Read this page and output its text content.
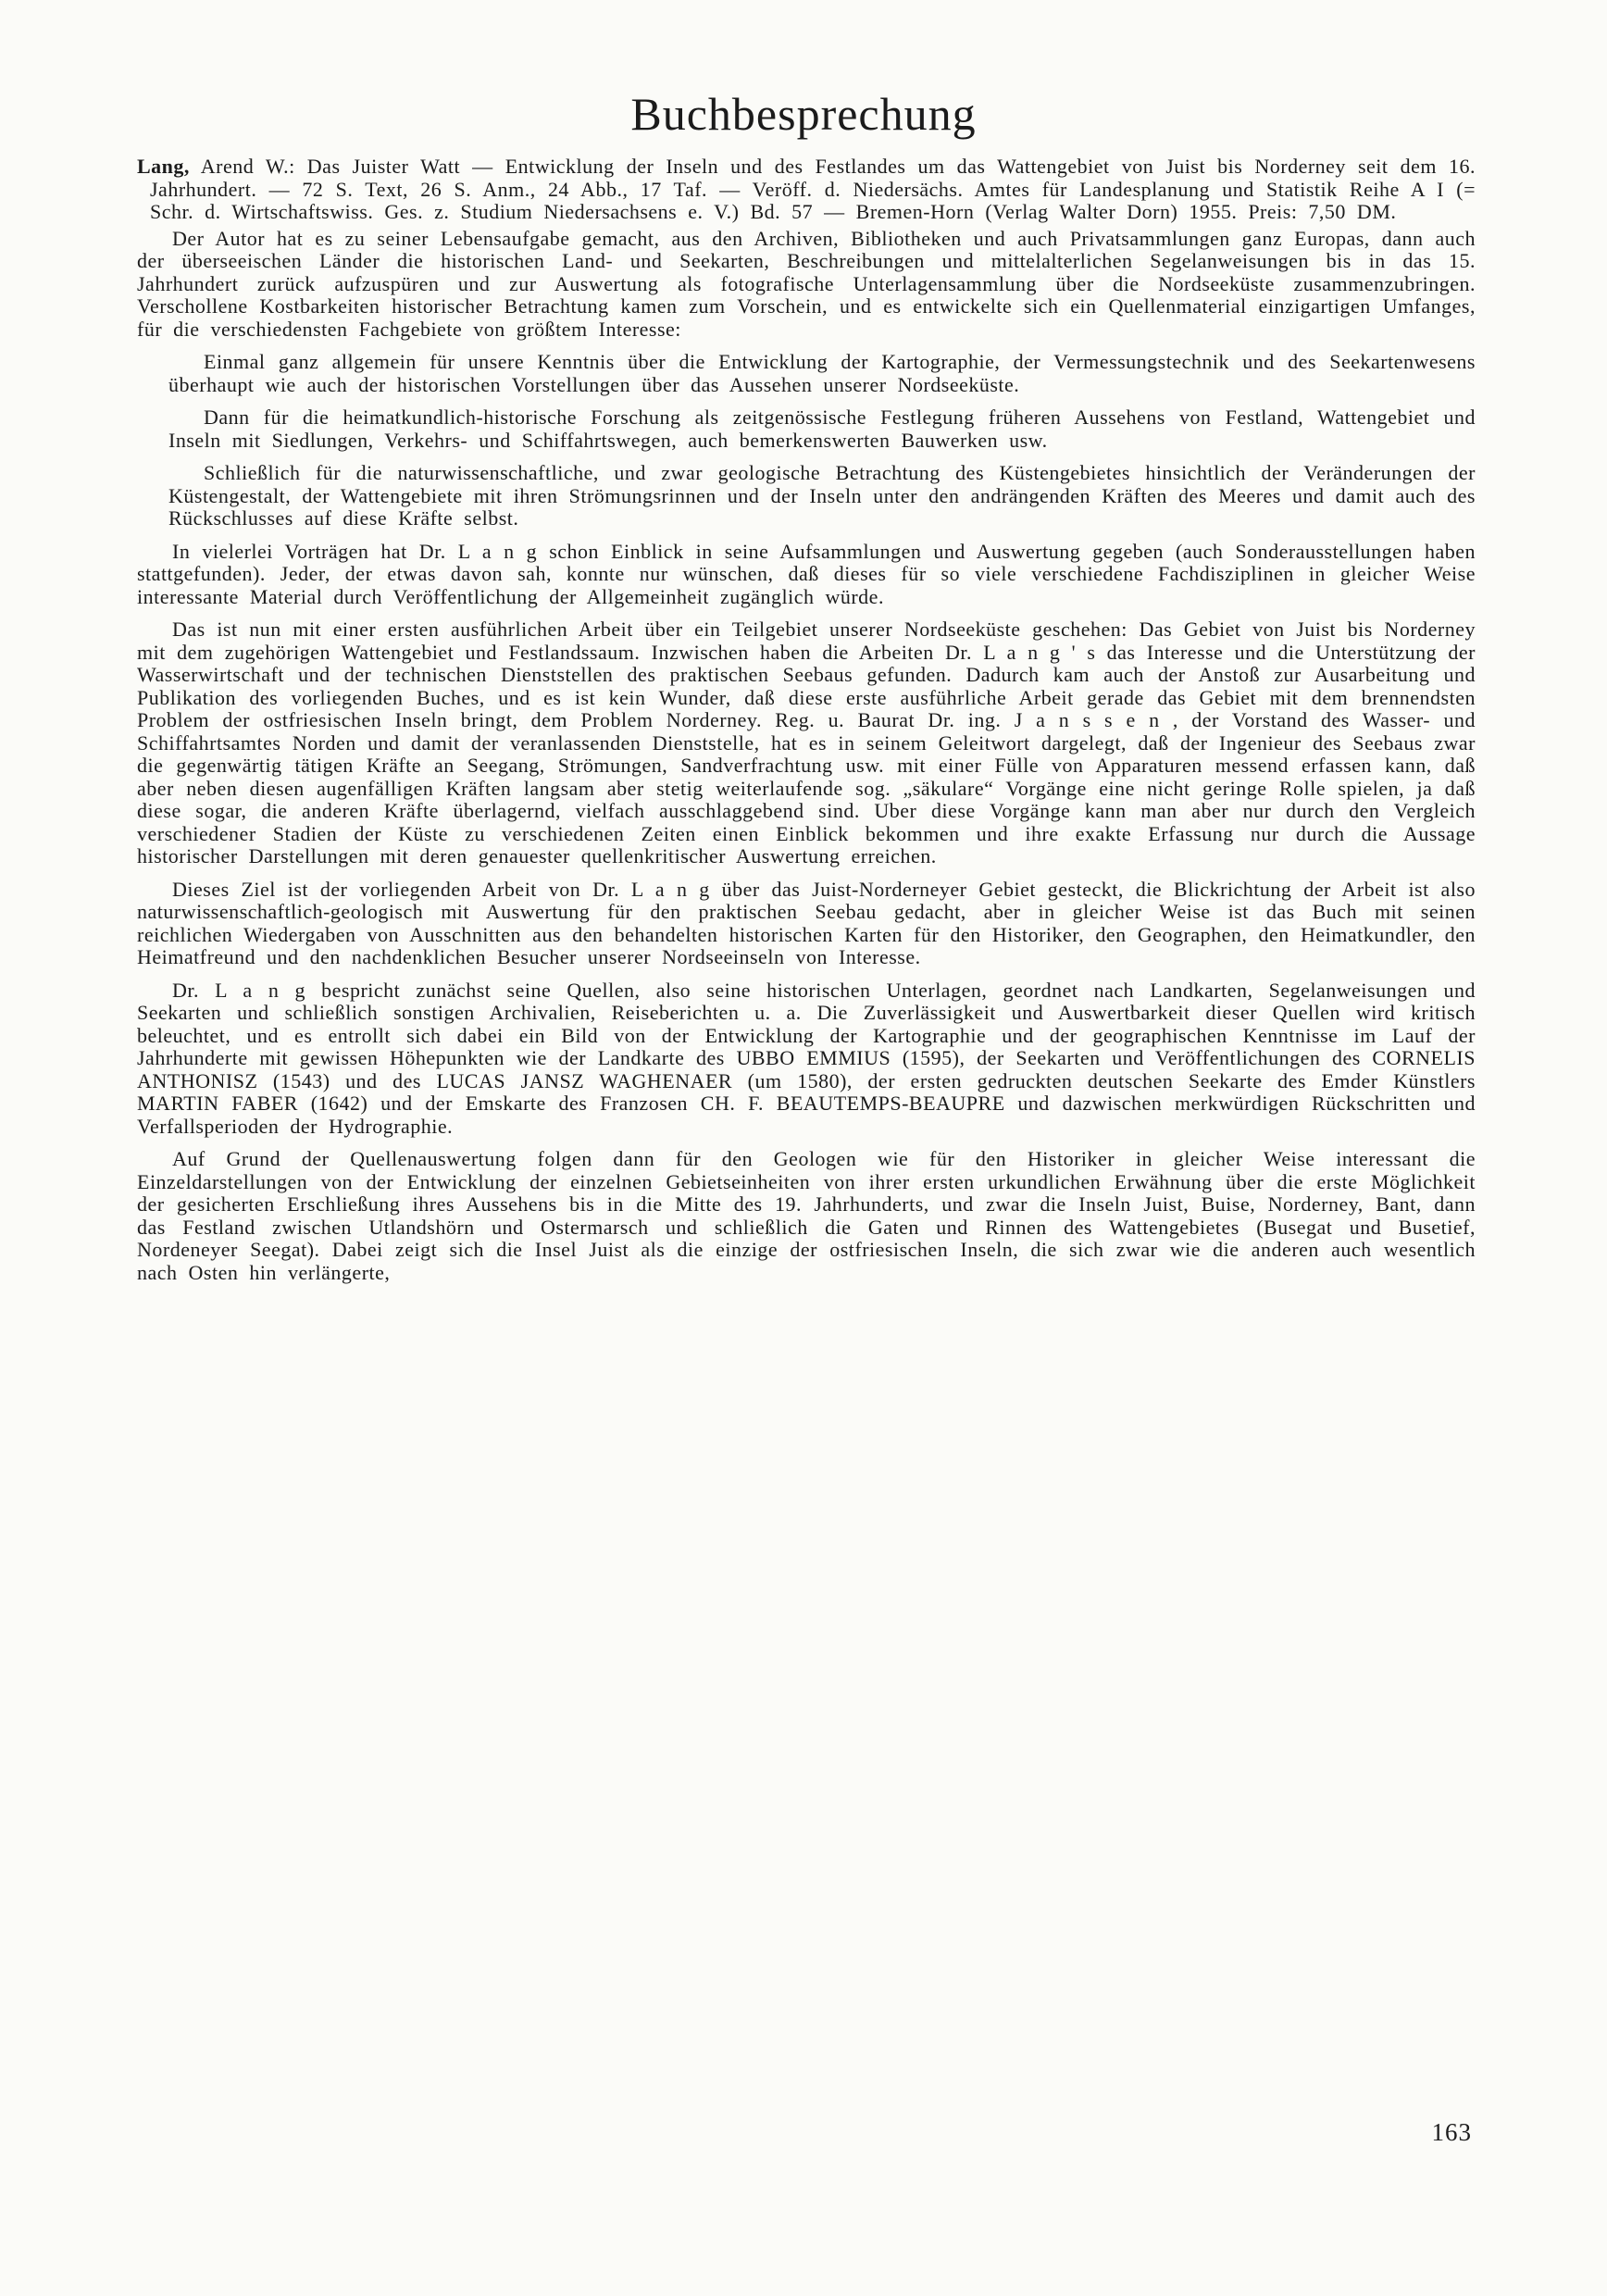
Buchbesprechung

Lang, Arend W.: Das Juister Watt — Entwicklung der Inseln und des Festlandes um das Wattengebiet von Juist bis Norderney seit dem 16. Jahrhundert. — 72 S. Text, 26 S. Anm., 24 Abb., 17 Taf. — Veröff. d. Niedersächs. Amtes für Landesplanung und Statistik Reihe A I (= Schr. d. Wirtschaftswiss. Ges. z. Studium Niedersachsens e. V.) Bd. 57 — Bremen-Horn (Verlag Walter Dorn) 1955. Preis: 7,50 DM.

Der Autor hat es zu seiner Lebensaufgabe gemacht, aus den Archiven, Bibliotheken und auch Privatsammlungen ganz Europas, dann auch der überseeischen Länder die historischen Land- und Seekarten, Beschreibungen und mittelalterlichen Segelanweisungen bis in das 15. Jahrhundert zurück aufzuspüren und zur Auswertung als fotografische Unterlagensammlung über die Nordseeküste zusammenzubringen. Verschollene Kostbarkeiten historischer Betrachtung kamen zum Vorschein, und es entwickelte sich ein Quellenmaterial einzigartigen Umfanges, für die verschiedensten Fachgebiete von größtem Interesse:

Einmal ganz allgemein für unsere Kenntnis über die Entwicklung der Kartographie, der Vermessungstechnik und des Seekartenwesens überhaupt wie auch der historischen Vorstellungen über das Aussehen unserer Nordseeküste.

Dann für die heimatkundlich-historische Forschung als zeitgenössische Festlegung früheren Aussehens von Festland, Wattengebiet und Inseln mit Siedlungen, Verkehrs- und Schiffahrtswegen, auch bemerkenswerten Bauwerken usw.

Schließlich für die naturwissenschaftliche, und zwar geologische Betrachtung des Küstengebietes hinsichtlich der Veränderungen der Küstengestalt, der Wattengebiete mit ihren Strömungsrinnen und der Inseln unter den andrängenden Kräften des Meeres und damit auch des Rückschlusses auf diese Kräfte selbst.

In vielerlei Vorträgen hat Dr. L a n g schon Einblick in seine Aufsammlungen und Auswertung gegeben (auch Sonderausstellungen haben stattgefunden). Jeder, der etwas davon sah, konnte nur wünschen, daß dieses für so viele verschiedene Fachdisziplinen in gleicher Weise interessante Material durch Veröffentlichung der Allgemeinheit zugänglich würde.

Das ist nun mit einer ersten ausführlichen Arbeit über ein Teilgebiet unserer Nordseeküste geschehen: Das Gebiet von Juist bis Norderney mit dem zugehörigen Wattengebiet und Festlandssaum. Inzwischen haben die Arbeiten Dr. L a n g ' s das Interesse und die Unterstützung der Wasserwirtschaft und der technischen Dienststellen des praktischen Seebaus gefunden. Dadurch kam auch der Anstoß zur Ausarbeitung und Publikation des vorliegenden Buches, und es ist kein Wunder, daß diese erste ausführliche Arbeit gerade das Gebiet mit dem brennendsten Problem der ostfriesischen Inseln bringt, dem Problem Norderney. Reg. u. Baurat Dr. ing. J a n s s e n , der Vorstand des Wasser- und Schiffahrtsamtes Norden und damit der veranlassenden Dienststelle, hat es in seinem Geleitwort dargelegt, daß der Ingenieur des Seebaus zwar die gegenwärtig tätigen Kräfte an Seegang, Strömungen, Sandverfrachtung usw. mit einer Fülle von Apparaturen messend erfassen kann, daß aber neben diesen augenfälligen Kräften langsam aber stetig weiterlaufende sog. „säkulare“ Vorgänge eine nicht geringe Rolle spielen, ja daß diese sogar, die anderen Kräfte überlagernd, vielfach ausschlaggebend sind. Uber diese Vorgänge kann man aber nur durch den Vergleich verschiedener Stadien der Küste zu verschiedenen Zeiten einen Einblick bekommen und ihre exakte Erfassung nur durch die Aussage historischer Darstellungen mit deren genauester quellenkritischer Auswertung erreichen.

Dieses Ziel ist der vorliegenden Arbeit von Dr. L a n g über das Juist-Norderneyer Gebiet gesteckt, die Blickrichtung der Arbeit ist also naturwissenschaftlich-geologisch mit Auswertung für den praktischen Seebau gedacht, aber in gleicher Weise ist das Buch mit seinen reichlichen Wiedergaben von Ausschnitten aus den behandelten historischen Karten für den Historiker, den Geographen, den Heimatkundler, den Heimatfreund und den nachdenklichen Besucher unserer Nordseeinseln von Interesse.

Dr. L a n g bespricht zunächst seine Quellen, also seine historischen Unterlagen, geordnet nach Landkarten, Segelanweisungen und Seekarten und schließlich sonstigen Archivalien, Reiseberichten u. a. Die Zuverlässigkeit und Auswertbarkeit dieser Quellen wird kritisch beleuchtet, und es entrollt sich dabei ein Bild von der Entwicklung der Kartographie und der geographischen Kenntnisse im Lauf der Jahrhunderte mit gewissen Höhepunkten wie der Landkarte des UBBO EMMIUS (1595), der Seekarten und Veröffentlichungen des CORNELIS ANTHONISZ (1543) und des LUCAS JANSZ WAGHENAER (um 1580), der ersten gedruckten deutschen Seekarte des Emder Künstlers MARTIN FABER (1642) und der Emskarte des Franzosen CH. F. BEAUTEMPS-BEAUPRE und dazwischen merkwürdigen Rückschritten und Verfallsperioden der Hydrographie.

Auf Grund der Quellenauswertung folgen dann für den Geologen wie für den Historiker in gleicher Weise interessant die Einzeldarstellungen von der Entwicklung der einzelnen Gebietseinheiten von ihrer ersten urkundlichen Erwähnung über die erste Möglichkeit der gesicherten Erschließung ihres Aussehens bis in die Mitte des 19. Jahrhunderts, und zwar die Inseln Juist, Buise, Norderney, Bant, dann das Festland zwischen Utlandshörn und Ostermarsch und schließlich die Gaten und Rinnen des Wattengebietes (Busegat und Busetief, Nordeneyer Seegat). Dabei zeigt sich die Insel Juist als die einzige der ostfriesischen Inseln, die sich zwar wie die anderen auch wesentlich nach Osten hin verlängerte,

163
